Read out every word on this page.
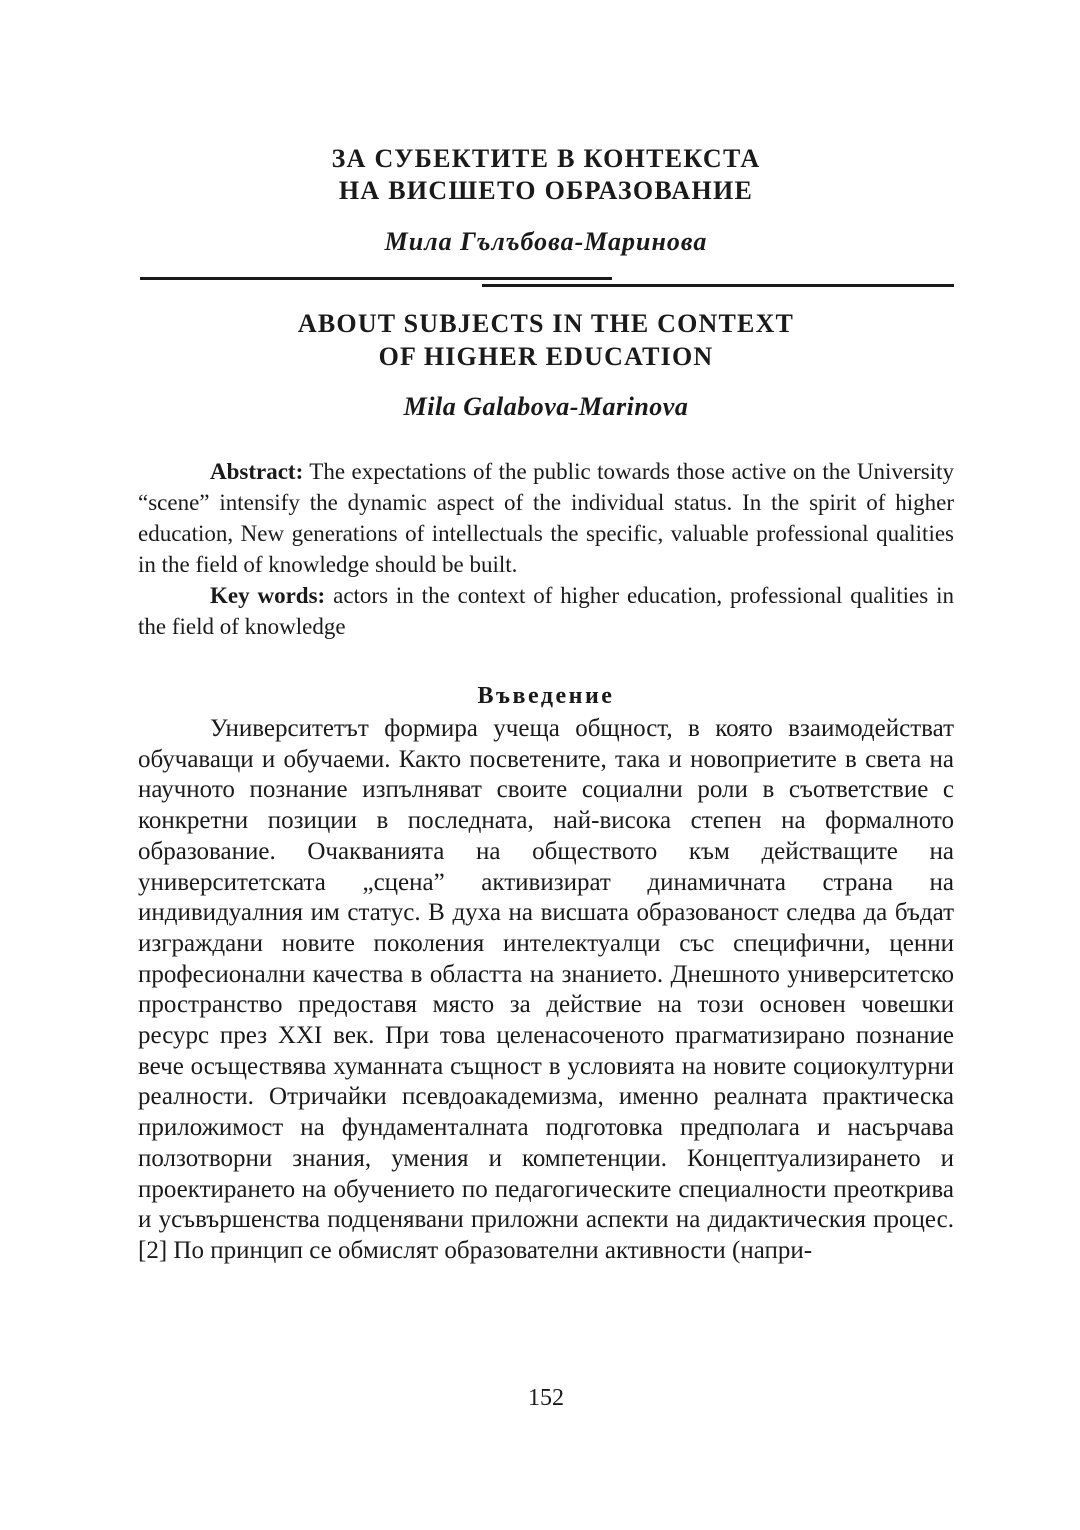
ЗА СУБЕКТИТЕ В КОНТЕКСТА
НА ВИСШЕТО ОБРАЗОВАНИЕ

Мила Гълъбова-Маринова

ABOUT SUBJECTS IN THE CONTEXT
OF HIGHER EDUCATION

Mila Galabova-Marinova

Abstract: The expectations of the public towards those active on the University “scene” intensify the dynamic aspect of the individual status. In the spirit of higher education, New generations of intellectuals the specific, valuable professional qualities in the field of knowledge should be built.

Key words: actors in the context of higher education, professional qualities in the field of knowledge

Въведение

Университетът формира учеща общност, в която взаимодействат обучаващи и обучаеми. Както посветените, така и новоприетите в света на научното познание изпълняват своите социални роли в съответствие с конкретни позиции в последната, най-висока степен на формалното образование. Очакванията на обществото към действащите на университетската „сцена” активизират динамичната страна на индивидуалния им статус. В духа на висшата образованост следва да бъдат изграждани новите поколения интелектуалци със специфични, ценни професионални качества в областта на знанието. Днешното университетско пространство предоставя място за действие на този основен човешки ресурс през XXI век. При това целенасоченото прагматизирано познание вече осъществява хуманната същност в условията на новите социокултурни реалности. Отричайки псевдоакадемизма, именно реалната практическа приложимост на фундаменталната подготовка предполага и насърчава ползотворни знания, умения и компетенции. Концептуализирането и проектирането на обучението по педагогическите специалности преоткрива и усъвършенства подценявани приложни аспекти на дидактическия процес. [2] По принцип се обмислят образователни активности (напри-

152
